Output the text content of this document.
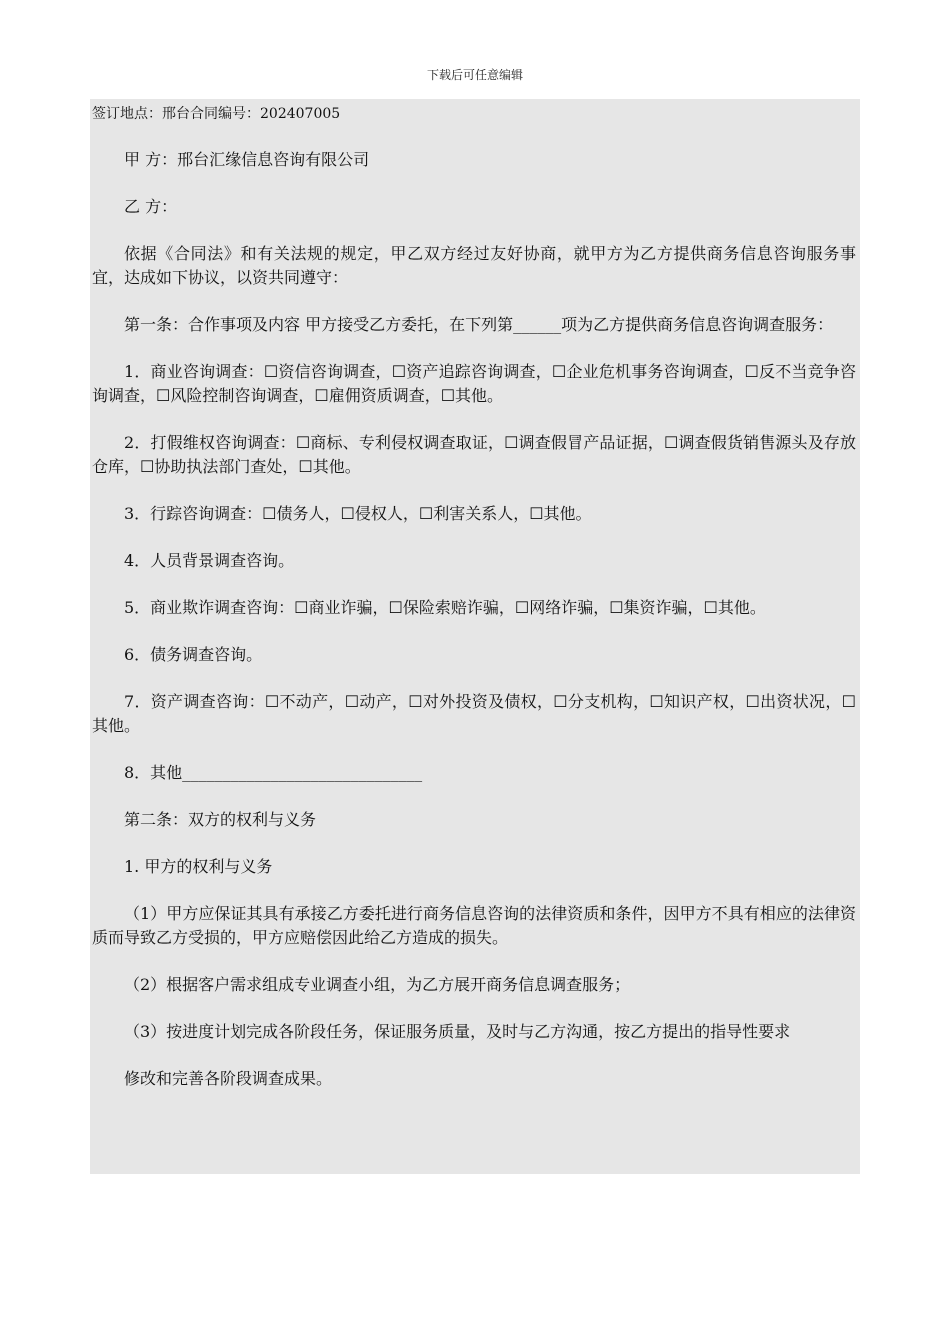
下载后可任意编辑
签订地点：邢台合同编号：202407005

甲 方：邢台汇缘信息咨询有限公司

乙 方：

依据《合同法》和有关法规的规定，甲乙双方经过友好协商，就甲方为乙方提供商务信息咨询服务事宜，达成如下协议，以资共同遵守：

第一条：合作事项及内容 甲方接受乙方委托，在下列第______项为乙方提供商务信息咨询调查服务：

1．商业咨询调查：☐资信咨询调查，☐资产追踪咨询调查，☐企业危机事务咨询调查，☐反不当竞争咨询调查，☐风险控制咨询调查，☐雇佣资质调查，☐其他。

2．打假维权咨询调查：☐商标、专利侵权调查取证，☐调查假冒产品证据，☐调查假货销售源头及存放仓库，☐协助执法部门查处，☐其他。

3．行踪咨询调查：☐债务人，☐侵权人，☐利害关系人，☐其他。

4．人员背景调查咨询。

5．商业欺诈调查咨询：☐商业诈骗，☐保险索赔诈骗，☐网络诈骗，☐集资诈骗，☐其他。

6．债务调查咨询。

7．资产调查咨询：☐不动产，☐动产，☐对外投资及债权，☐分支机构，☐知识产权，☐出资状况，☐其他。

8．其他______________________________

第二条：双方的权利与义务

1. 甲方的权利与义务

（1）甲方应保证其具有承接乙方委托进行商务信息咨询的法律资质和条件，因甲方不具有相应的法律资质而导致乙方受损的，甲方应赔偿因此给乙方造成的损失。

（2）根据客户需求组成专业调查小组，为乙方展开商务信息调查服务；

（3）按进度计划完成各阶段任务，保证服务质量，及时与乙方沟通，按乙方提出的指导性要求

修改和完善各阶段调查成果。
